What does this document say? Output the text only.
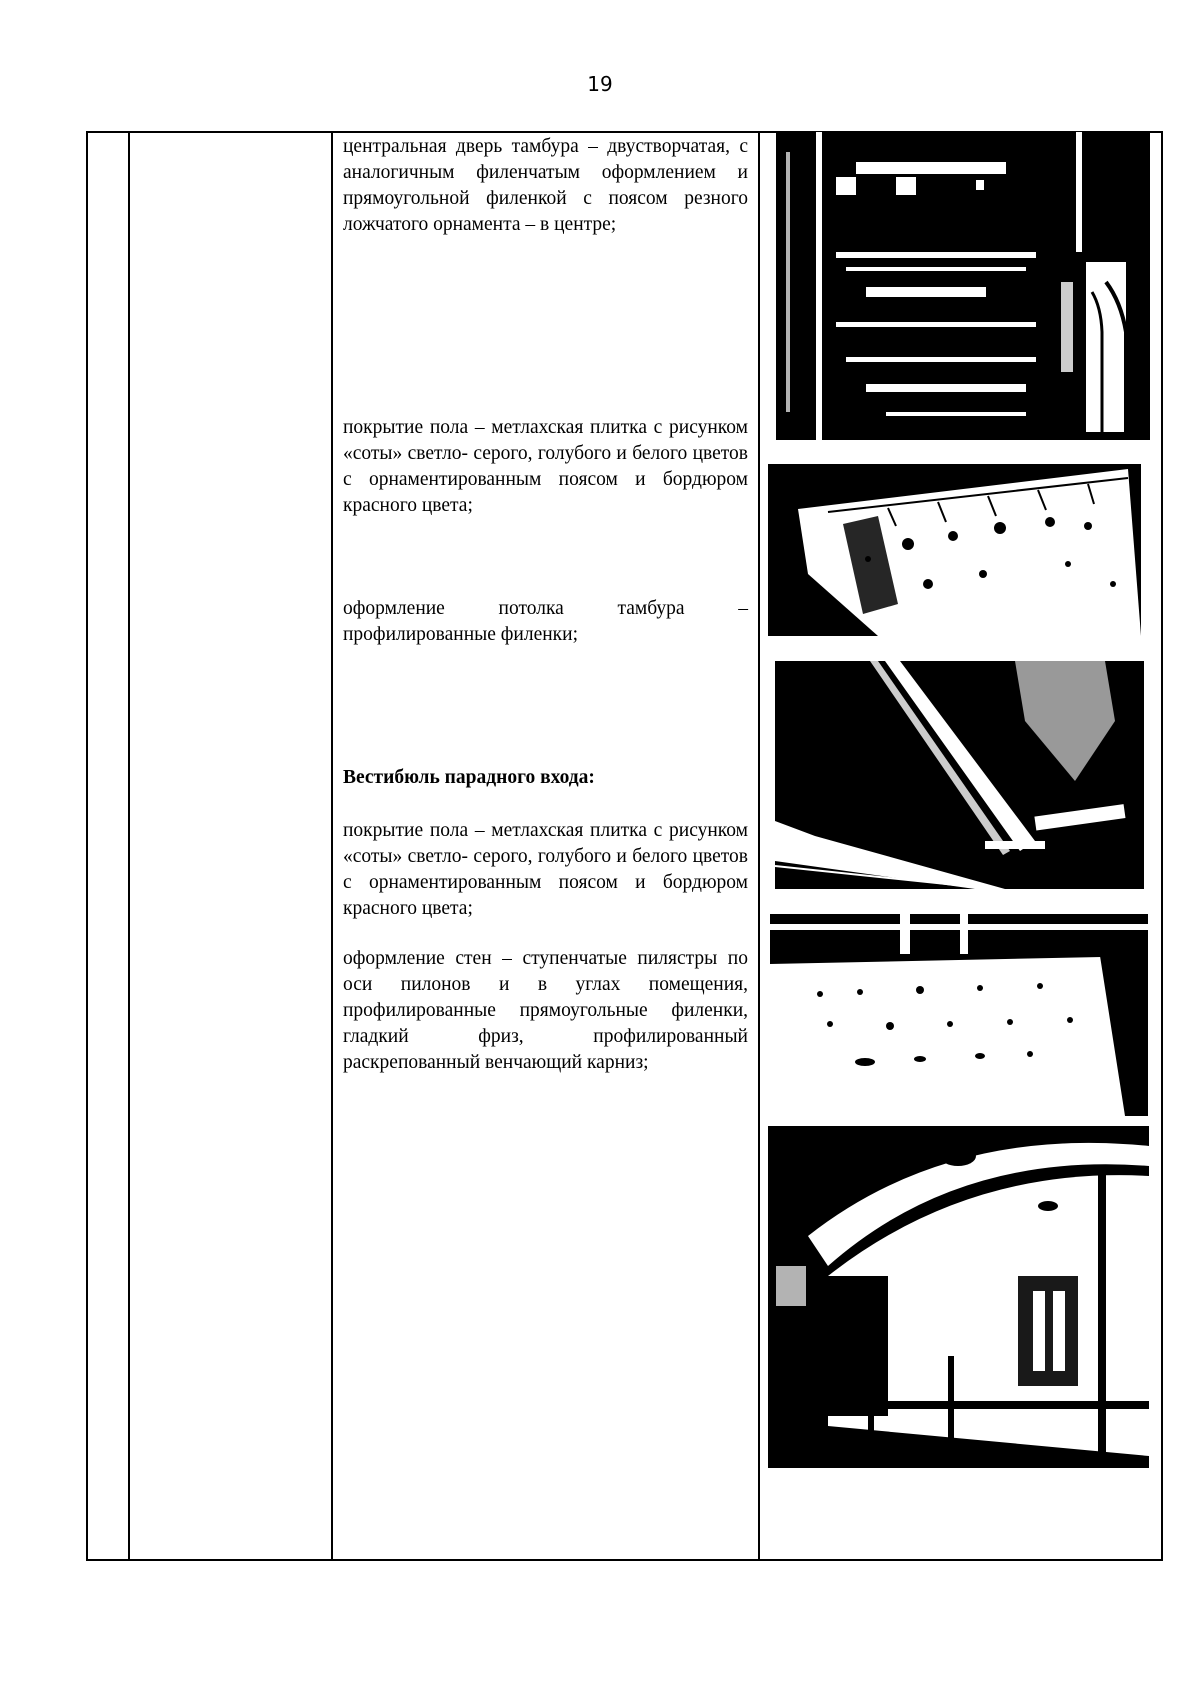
19
центральная дверь тамбура – двустворчатая, с аналогичным филенчатым оформлением и прямоугольной филенкой с поясом резного ложчатого орнамента – в центре;
покрытие пола – метлахская плитка с рисунком «соты» светло- серого, голубого и белого цветов с орнаментированным поясом и бордюром красного цвета;
оформление потолка тамбура – профилированные филенки;
Вестибюль парадного входа:
покрытие пола – метлахская плитка с рисунком «соты» светло- серого, голубого и белого цветов с орнаментированным поясом и бордюром красного цвета;
оформление стен – ступенчатые пилястры по оси пилонов и в углах помещения, профилированные прямоугольные филенки, гладкий фриз, профилированный раскрепованный венчающий карниз;
